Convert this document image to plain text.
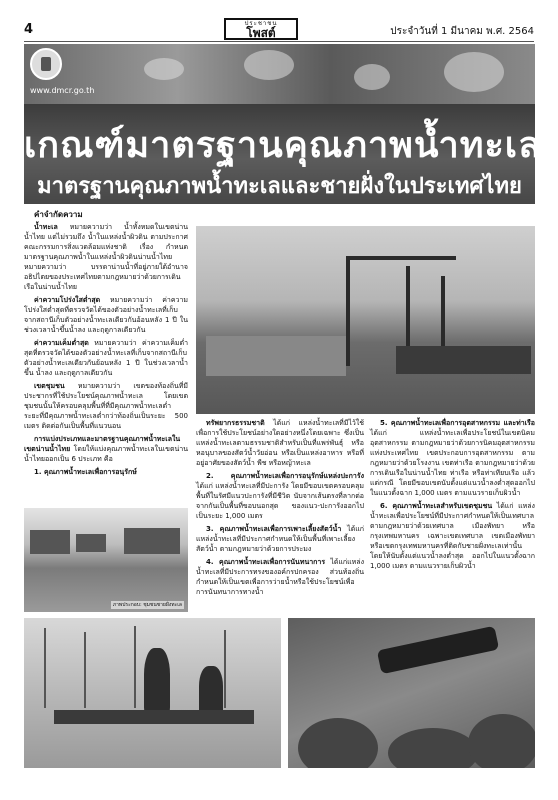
4	ประชาชน
โพสต์	ประจำวันที่ 1 มีนาคม พ.ศ. 2564
www.dmcr.go.th
เกณฑ์มาตรฐานคุณภาพน้ำทะเล
มาตรฐานคุณภาพน้ำทะเลและชายฝั่งในประเทศไทย
คำจำกัดความ

น้ำทะเล หมายความว่า น้ำทั้งหมดในเขตน่านน้ำไทย แต่ไม่รวมถึง น้ำในแหล่งน้ำผิวดิน ตามประกาศคณะกรรมการสิ่งแวดล้อมแห่งชาติ เรื่อง กำหนดมาตรฐานคุณภาพน้ำในแหล่งน้ำผิวดินน่านน้ำไทย หมายความว่า บรรดาน่านน้ำที่อยู่ภายใต้อำนาจอธิปไตยของประเทศไทยตามกฎหมายว่าด้วยการเดินเรือในน่านน้ำไทย

ค่าความโปร่งใสต่ำสุด หมายความว่า ค่าความโปร่งใสต่ำสุดที่ตรวจวัดได้ของตัวอย่างน้ำทะเลที่เก็บจากสถานีเก็บตัวอย่างน้ำทะเลเดียวกันอ้อนหลัง 1 ปี ในช่วงเวลาน้ำขึ้นน้ำลง และฤดูกาลเดียวกัน

ค่าความเค็มต่ำสุด หมายความว่า ค่าความเค็มต่ำสุดที่ตรวจวัดได้ของตัวอย่างน้ำทะเลที่เก็บจากสถานีเก็บตัวอย่างน้ำทะเลเดียวกันย้อนหลัง 1 ปี ในช่วงเวลาน้ำขึ้น น้ำลง และฤดูกาลเดียวกัน

เขตชุมชน หมายความว่า เขตของท้องถิ่นที่มีประชากรที่ใช้ประโยชน์คุณภาพน้ำทะเล โดยเขตชุมชนนั้นให้ครอบคลุมพื้นที่ที่มีคุณภาพน้ำทะเลต่ำ ระยะที่มีคุณภาพน้ำทะเลต่ำกว่าท้องถิ่นเป็นระยะ 500 เมตร ติดต่อกันเป็นพื้นที่แนวนอน

การแบ่งประเภทและมาตรฐานคุณภาพน้ำทะเลในเขตน่านน้ำไทย โดยให้แบ่งคุณภาพน้ำทะเลในเขตน่านน้ำไทยออกเป็น 6 ประเภท คือ

1. คุณภาพน้ำทะเลเพื่อการอนุรักษ์

ภาพประกอบ: ชุมชนชายฝั่งทะเล

ทรัพยากรธรรมชาติ ได้แก่ แหล่งน้ำทะเลที่มีไว้ใช้ เพื่อการใช้ประโยชน์อย่างใดอย่างหนึ่งโดยเฉพาะ ซึ่งเป็นแหล่งน้ำทะเลตามธรรมชาติสำหรับเป็นที่แพร่พันธุ์ หรือหอนุบาลของสัตว์น้ำวัยอ่อน หรือเป็นแหล่งอาหาร หรือที่อยู่อาศัยของสัตว์น้ำ พืช หรือหญ้าทะเล

2. คุณภาพน้ำทะเลเพื่อการอนุรักษ์แหล่งปะการัง ได้แก่ แหล่งน้ำทะเลที่มีปะการัง โดยมีขอบเขตครอบคลุมพื้นที่ในรัศมีแนวปะการังที่มีชีวิต นับจากเส้นตรงที่ลากต่อจากกันเป็นพื้นที่ขอบนอกสุด ของแนว-ปะการังออกไปเป็นระยะ 1,000 เมตร

3. คุณภาพน้ำทะเลเพื่อการเพาะเลี้ยงสัตว์น้ำ ได้แก่แหล่งน้ำทะเลที่มีประกาศกำหนดให้เป็นพื้นที่เพาะเลี้ยงสัตว์น้ำ ตามกฎหมายว่าด้วยการประมง

4. คุณภาพน้ำทะเลเพื่อการนันทนาการ ได้แก่แหล่งน้ำทะเลที่มีประการทรงของอค์กรปกครอง ส่วนท้องถิ่นกำหนดให้เป็นเขตเพื่อการว่ายน้ำหรือใช้ประโยชน์เพื่อการนันทนาการทางน้ำ

5. คุณภาพน้ำทะเลเพื่อการอุตสาหกรรม และท่าเรือ ได้แก่ แหล่งน้ำทะเลเพื่อประโยชน์ในเขตนิคมอุตสาหกรรม ตามกฎหมายว่าด้วยการนิคมอุตสาหกรรมแห่งประเทศไทย เขตประกอบการอุตสาหกรรม ตามกฎหมายว่าด้วยโรงงาน เขตท่าเรือ ตามกฎหมายว่าด้วยการเดินเรือในน่านน้ำไทย ท่าเรือ หรือท่าเทียบเรือ แล้วแต่กรณี โดยมีขอบเขตนับตั้งแต่แนวน้ำลงต่ำสุดออกไปในแนวตั้งฉาก 1,000 เมตร ตามแนวรายเก็บผิวน้ำ

6. คุณภาพน้ำทะเลสำหรับเขตชุมชน ได้แก่ แหล่งน้ำทะเลเพื่อประโยชน์ที่มีประกาศกำหนดให้เป็นเทศบาล ตามกฎหมายว่าด้วยเทศบาล เมืองพัทยา หรือกรุงเทพมหานคร เฉพาะเขตเทศบาล เขตเมืองพัทยา หรือเขตกรุงเทพมหานครที่ติดกับชายฝั่งทะเลเท่านั้น โดยให้นับตั้งแต่แนวน้ำลงต่ำสุด ออกไปในแนวตั้งฉาก 1,000 เมตร ตามแนวรายเก็บผิวน้ำ
